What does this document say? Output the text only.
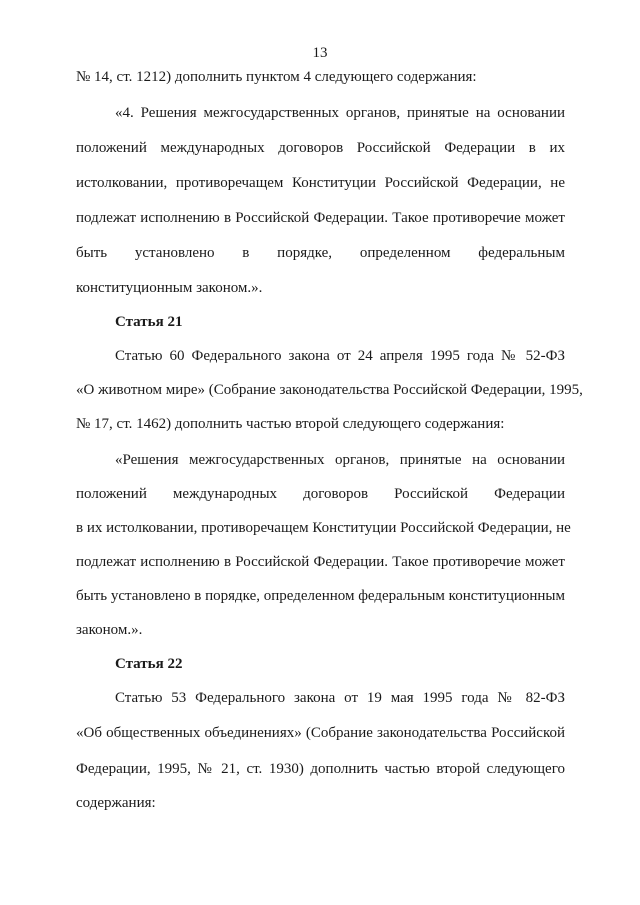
13
№ 14, ст. 1212) дополнить пунктом 4 следующего содержания:
«4. Решения межгосударственных органов, принятые на основании
положений международных договоров Российской Федерации в их
истолковании, противоречащем Конституции Российской Федерации, не
подлежат исполнению в Российской Федерации. Такое противоречие может
быть установлено в порядке, определенном федеральным
конституционным законом.».
Статья 21
Статью 60 Федерального закона от 24 апреля 1995 года № 52-ФЗ
«О животном мире» (Собрание законодательства Российской Федерации, 1995,
№ 17, ст. 1462) дополнить частью второй следующего содержания:
«Решения межгосударственных органов, принятые на основании
положений международных договоров Российской Федерации
в их истолковании, противоречащем Конституции Российской Федерации, не
подлежат исполнению в Российской Федерации. Такое противоречие может
быть установлено в порядке, определенном федеральным конституционным
законом.».
Статья 22
Статью 53 Федерального закона от 19 мая 1995 года № 82-ФЗ
«Об общественных объединениях» (Собрание законодательства Российской
Федерации, 1995, № 21, ст. 1930) дополнить частью второй следующего
содержания:
